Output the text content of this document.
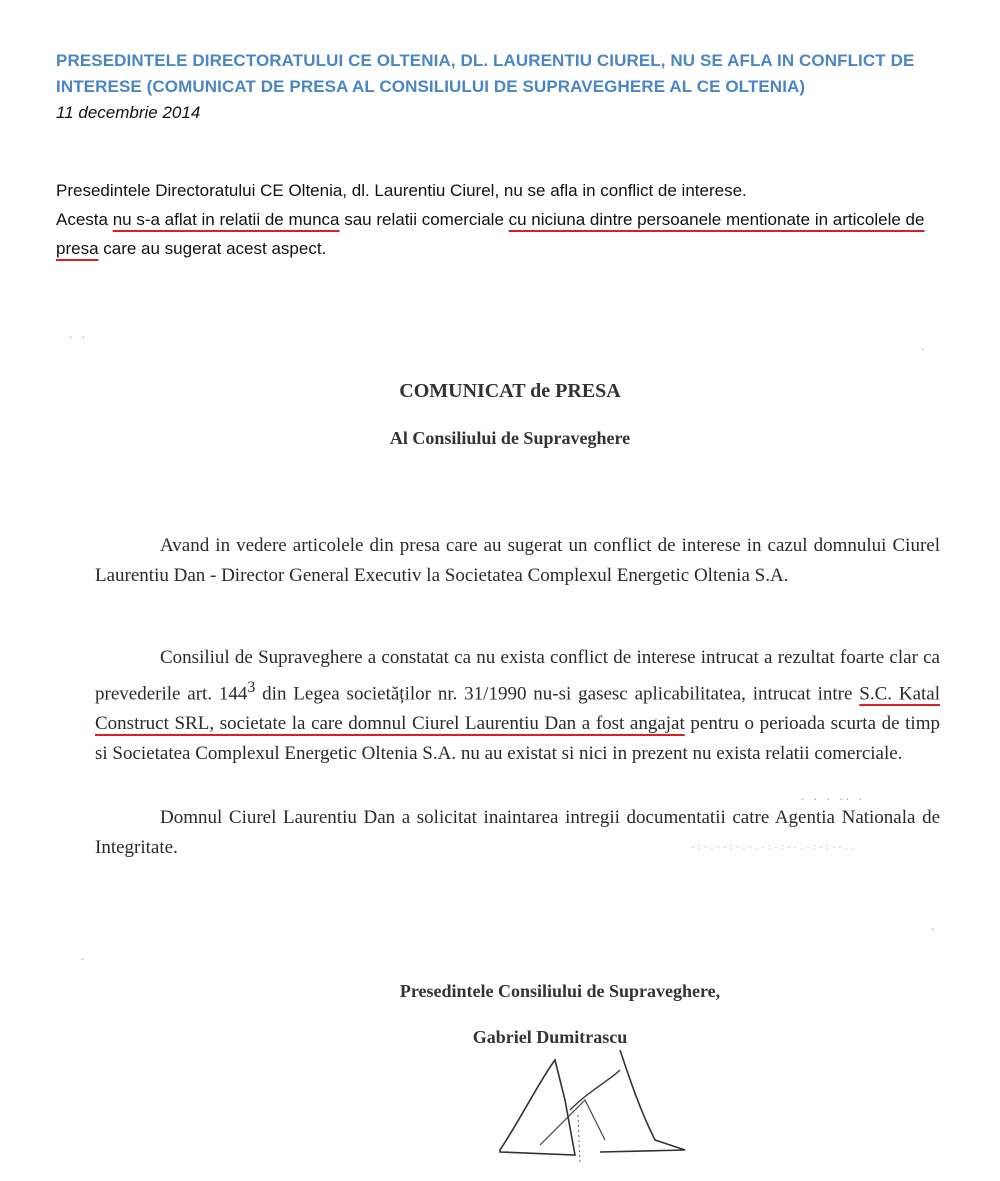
PRESEDINTELE DIRECTORATULUI CE OLTENIA, DL. LAURENTIU CIUREL, NU SE AFLA IN CONFLICT DE INTERESE (COMUNICAT DE PRESA AL CONSILIULUI DE SUPRAVEGHERE AL CE OLTENIA)

11 decembrie 2014

Presedintele Directoratului CE Oltenia, dl. Laurentiu Ciurel, nu se afla in conflict de interese.

Acesta nu s-a aflat in relatii de munca sau relatii comerciale cu niciuna dintre persoanele mentionate in articolele de presa care au sugerat acest aspect.

COMUNICAT de PRESA
Al Consiliului de Supraveghere

Avand in vedere articolele din presa care au sugerat un conflict de interese in cazul domnului Ciurel Laurentiu Dan - Director General Executiv la Societatea Complexul Energetic Oltenia S.A.

Consiliul de Supraveghere a constatat ca nu exista conflict de interese intrucat a rezultat foarte clar ca prevederile art. $144^3$ din Legea societăților nr. 31/1990 nu-si gasesc aplicabilitatea, intrucat intre S.C. Katal Construct SRL, societate la care domnul Ciurel Laurentiu Dan a fost angajat pentru o perioada scurta de timp si Societatea Complexul Energetic Oltenia S.A. nu au existat si nici in prezent nu exista relatii comerciale.

Domnul Ciurel Laurentiu Dan a solicitat inaintarea intregii documentatii catre Agentia Nationala de Integritate.

Presedintele Consiliului de Supraveghere,
Gabriel Dumitrascu
· ·
·
· · · ·· ·
·:·.··:·.·.·:·:··.·:·:··..
·
·
